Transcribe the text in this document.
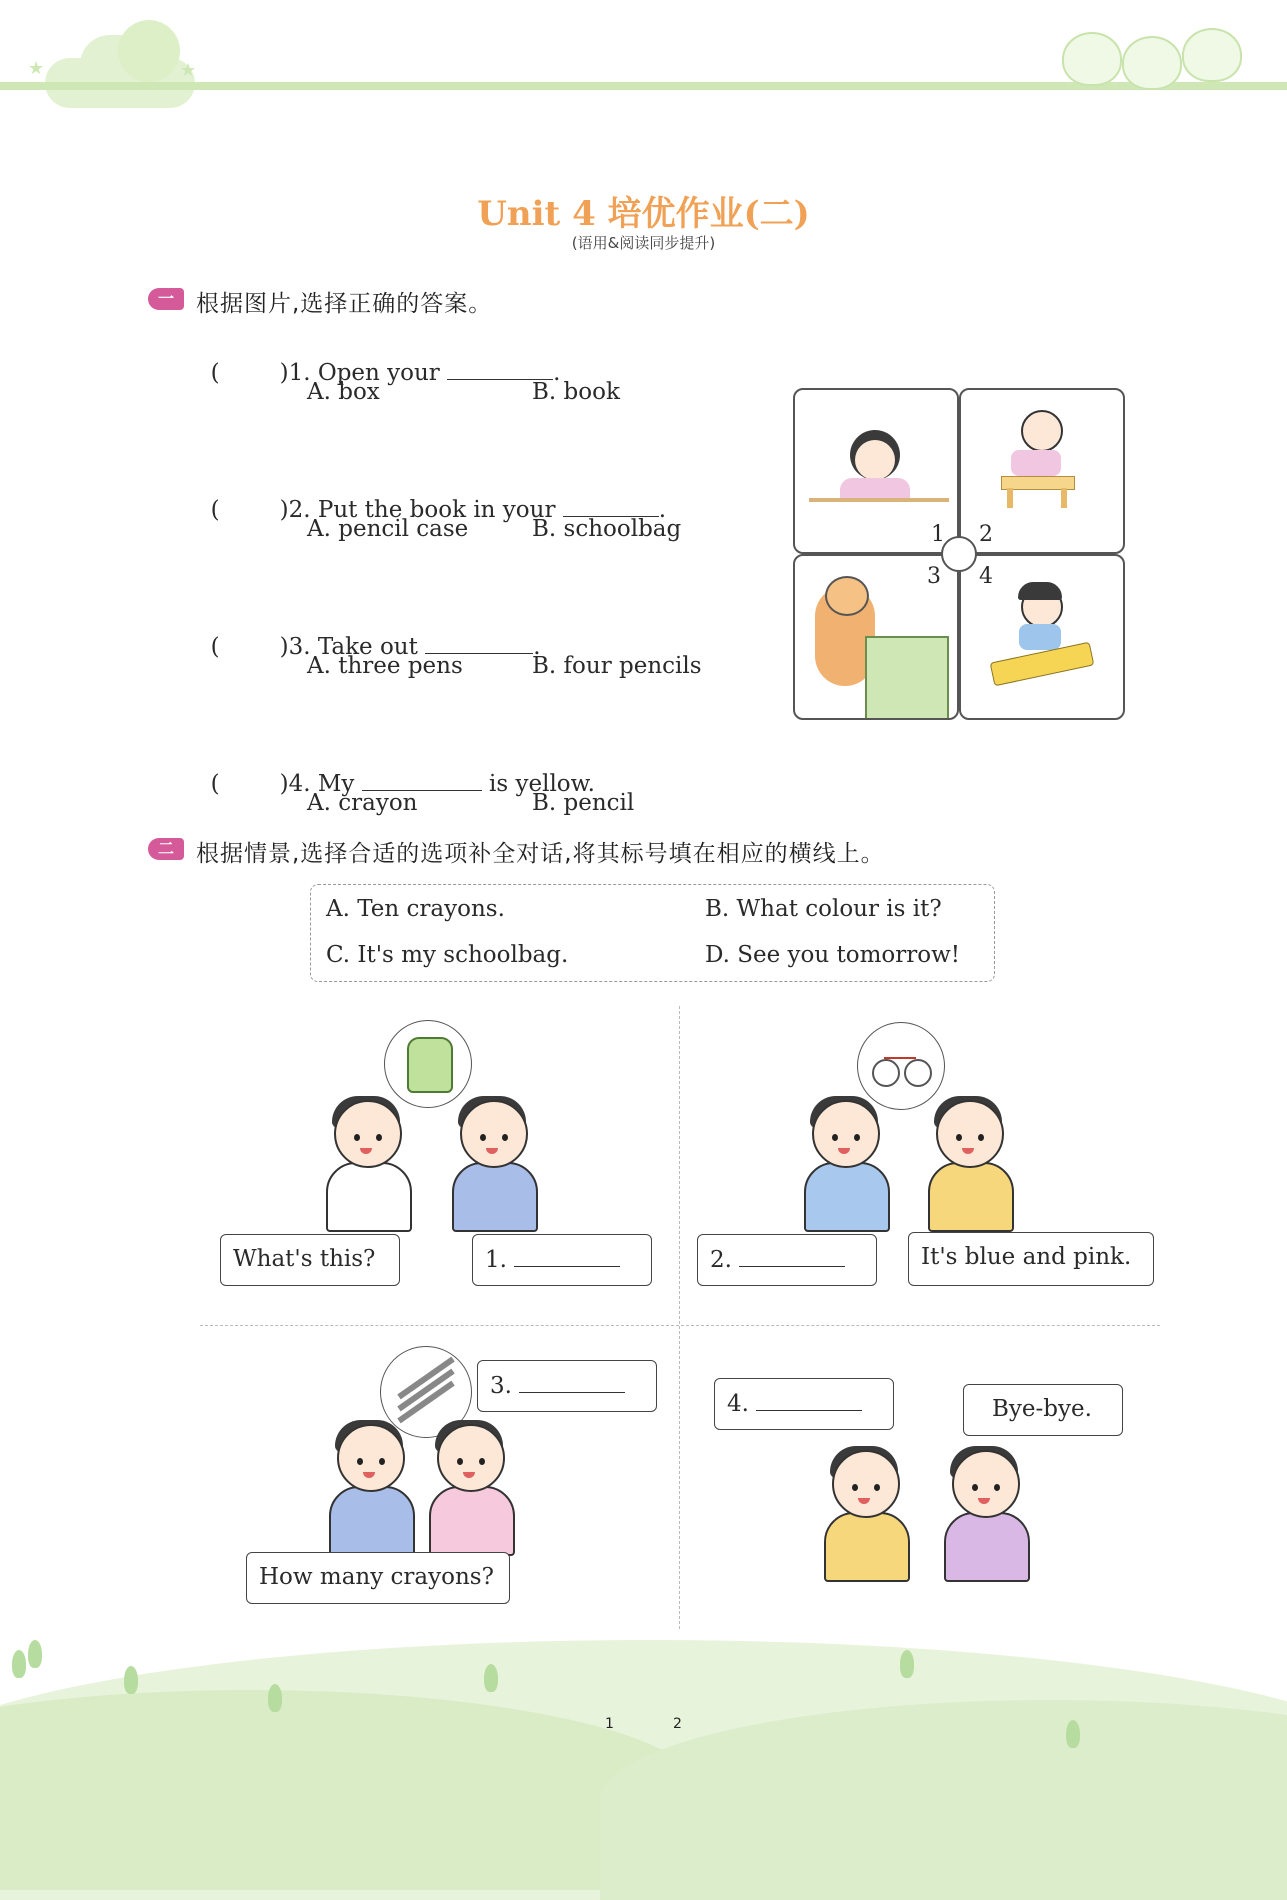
★	★
Unit 4 培优作业(二)
(语用&阅读同步提升)
一 根据图片,选择正确的答案。

(	)1. Open your	.

A. box	B. book

(	)2. Put the book in your	.

A. pencil case	B. schoolbag

(	)3. Take out	.

A. three pens	B. four pencils

(	)4. My	is yellow.

A. crayon	B. pencil
1 2
3 4
二 根据情景,选择合适的选项补全对话,将其标号填在相应的横线上。
A. Ten crayons.	B. What colour is it?
C. It's my schoolbag.	D. See you tomorrow!
What's this?	1.	2.	It's blue and pink.
3.
How many crayons?
4.	Bye-bye.
1	2
